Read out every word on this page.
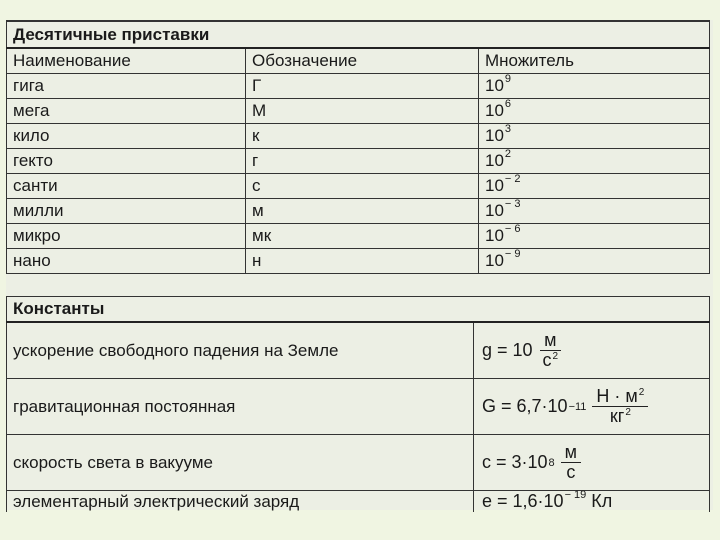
Десятичные приставки		
Наименование	Обозначение	Множитель
гига	Г	$10^9$
мега	М	$10^6$
кило	к	$10^3$
гекто	г	$10^2$
санти	с	$10^{- 2}$
милли	м	$10^{- 3}$
микро	мк	$10^{- 6}$
нано	н	$10^{- 9}$
Константы	
ускорение свободного падения на Земле	$g = 10 \frac{м}{с^2}$

гравитационная постоянная	$G = 6,7\cdot 10 -11 \frac{Н \cdot м^2}{кг^2}$

скорость света в вакууме	c = 3·10 $8 \frac{м}{с}$

элементарный электрический заряд	$e = 1,6\cdot 10^{- 19}$ Кл
